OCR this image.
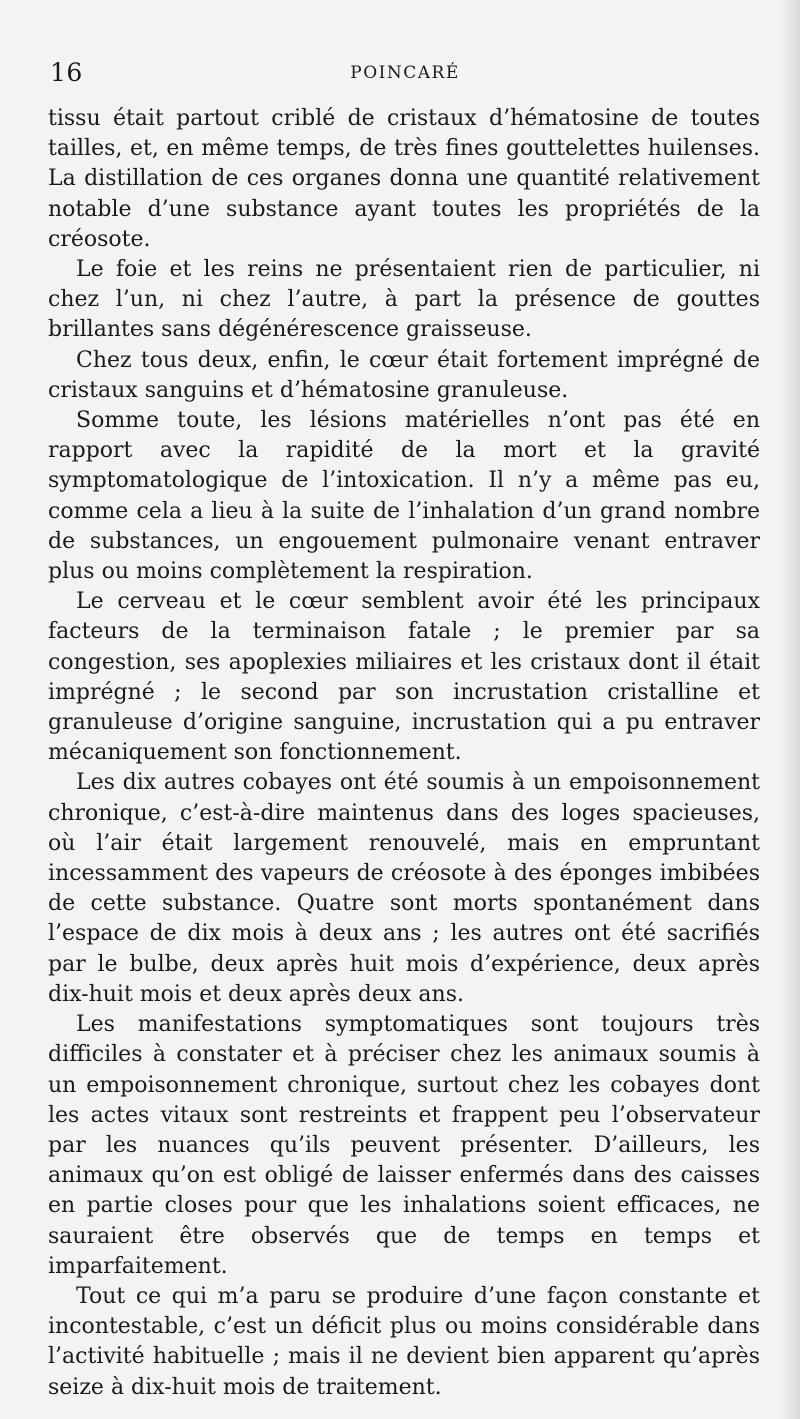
16	POINCARÉ

tissu était partout criblé de cristaux d’hématosine de toutes tailles, et, en même temps, de très fines gouttelettes huilenses. La distillation de ces organes donna une quantité relativement notable d’une substance ayant toutes les propriétés de la créosote.

Le foie et les reins ne présentaient rien de particulier, ni chez l’un, ni chez l’autre, à part la présence de gouttes brillantes sans dégénérescence graisseuse.

Chez tous deux, enfin, le cœur était fortement imprégné de cristaux sanguins et d’hématosine granuleuse.

Somme toute, les lésions matérielles n’ont pas été en rapport avec la rapidité de la mort et la gravité symptomatologique de l’intoxication. Il n’y a même pas eu, comme cela a lieu à la suite de l’inhalation d’un grand nombre de substances, un engouement pulmonaire venant entraver plus ou moins complètement la respiration.

Le cerveau et le cœur semblent avoir été les principaux facteurs de la terminaison fatale ; le premier par sa congestion, ses apoplexies miliaires et les cristaux dont il était imprégné ; le second par son incrustation cristalline et granuleuse d’origine sanguine, incrustation qui a pu entraver mécaniquement son fonctionnement.

Les dix autres cobayes ont été soumis à un empoisonnement chronique, c’est-à-dire maintenus dans des loges spacieuses, où l’air était largement renouvelé, mais en empruntant incessamment des vapeurs de créosote à des éponges imbibées de cette substance. Quatre sont morts spontanément dans l’espace de dix mois à deux ans ; les autres ont été sacrifiés par le bulbe, deux après huit mois d’expérience, deux après dix-huit mois et deux après deux ans.

Les manifestations symptomatiques sont toujours très difficiles à constater et à préciser chez les animaux soumis à un empoisonnement chronique, surtout chez les cobayes dont les actes vitaux sont restreints et frappent peu l’observateur par les nuances qu’ils peuvent présenter. D’ailleurs, les animaux qu’on est obligé de laisser enfermés dans des caisses en partie closes pour que les inhalations soient efficaces, ne sauraient être observés que de temps en temps et imparfaitement.

Tout ce qui m’a paru se produire d’une façon constante et incontestable, c’est un déficit plus ou moins considérable dans l’activité habituelle ; mais il ne devient bien apparent qu’après seize à dix-huit mois de traitement.
